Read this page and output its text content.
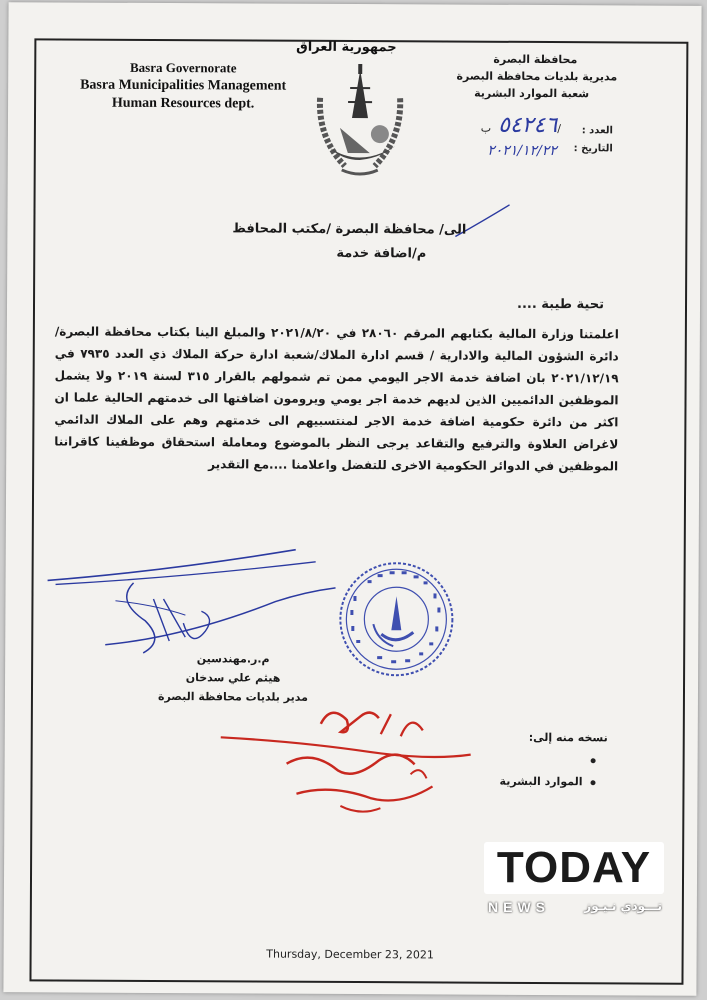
Basra Governorate
Basra Municipalities Management
Human Resources dept.
جمهورية العراق
محافظة البصرة
مديرية بلديات محافظة البصرة
شعبة الموارد البشرية
العدد :
٥٤٢٤٦ ب/
التاريخ :
٢٠٢١/١٢/٢٢
الى/ محافظة البصرة /مكتب المحافظ
م/اضافة خدمة
تحية طيبة ....
اعلمتنا وزارة المالية بكتابهم المرقم ٢٨٠٦٠ في ٢٠٢١/٨/٢٠ والمبلغ الينا بكتاب محافظة البصرة/ دائرة الشؤون المالية والادارية / قسم ادارة الملاك/شعبة ادارة حركة الملاك ذي العدد ٧٩٣٥ في ٢٠٢١/١٢/١٩ بان اضافة خدمة الاجر اليومي ممن تم شمولهم بالقرار ٣١٥ لسنة ٢٠١٩ ولا يشمل الموظفين الدائميين الذين لديهم خدمة اجر يومي ويرومون اضافتها الى خدمتهم الحالية علما ان اكثر من دائرة حكومية اضافة خدمة الاجر لمنتسبيهم الى خدمتهم وهم على الملاك الدائمي لاغراض العلاوة والترفيع والتقاعد يرجى النظر بالموضوع ومعاملة استحقاق موظفينا كاقراننا الموظفين في الدوائر الحكومية الاخرى للتفضل واعلامنا ....مع التقدير
م.ر.مهندسين
هيثم علي سدخان
مدير بلديات محافظة البصرة
نسخه منه إلى:
الموارد البشرية
Thursday, December 23, 2021
TODAY
NEWS	تـــودي نـيـوز
